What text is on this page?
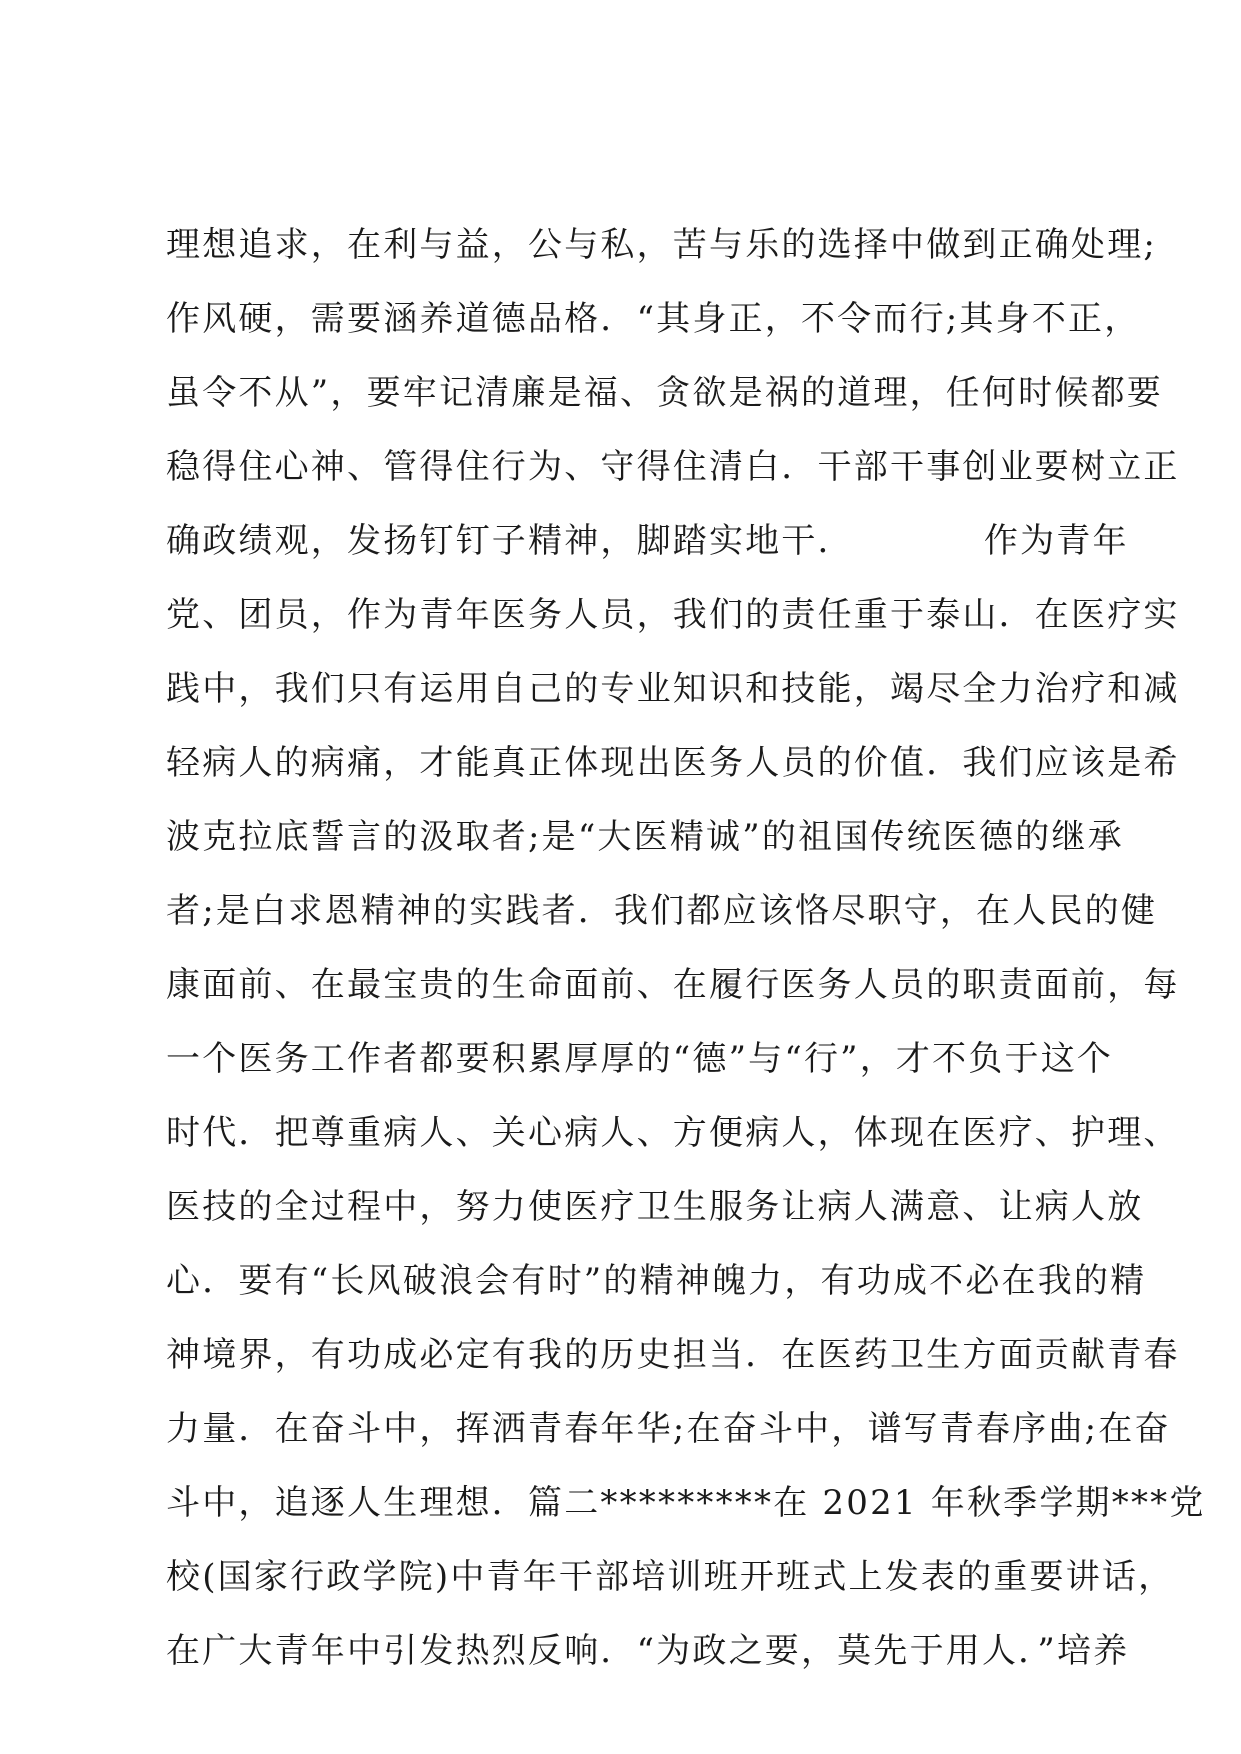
理想追求，在利与益，公与私，苦与乐的选择中做到正确处理;
作风硬，需要涵养道德品格．“其身正，不令而行;其身不正，
虽令不从”，要牢记清廉是福、贪欲是祸的道理，任何时候都要
稳得住心神、管得住行为、守得住清白．干部干事创业要树立正
确政绩观，发扬钉钉子精神，脚踏实地干．          作为青年
党、团员，作为青年医务人员，我们的责任重于泰山．在医疗实
践中，我们只有运用自己的专业知识和技能，竭尽全力治疗和减
轻病人的病痛，才能真正体现出医务人员的价值．我们应该是希
波克拉底誓言的汲取者;是“大医精诚”的祖国传统医德的继承
者;是白求恩精神的实践者．我们都应该恪尽职守，在人民的健
康面前、在最宝贵的生命面前、在履行医务人员的职责面前，每
一个医务工作者都要积累厚厚的“德”与“行”，才不负于这个
时代．把尊重病人、关心病人、方便病人，体现在医疗、护理、
医技的全过程中，努力使医疗卫生服务让病人满意、让病人放
心．要有“长风破浪会有时”的精神魄力，有功成不必在我的精
神境界，有功成必定有我的历史担当．在医药卫生方面贡献青春
力量．在奋斗中，挥洒青春年华;在奋斗中，谱写青春序曲;在奋
斗中，追逐人生理想．篇二*********在 2021 年秋季学期***党
校(国家行政学院)中青年干部培训班开班式上发表的重要讲话，
在广大青年中引发热烈反响．“为政之要，莫先于用人．”培养
